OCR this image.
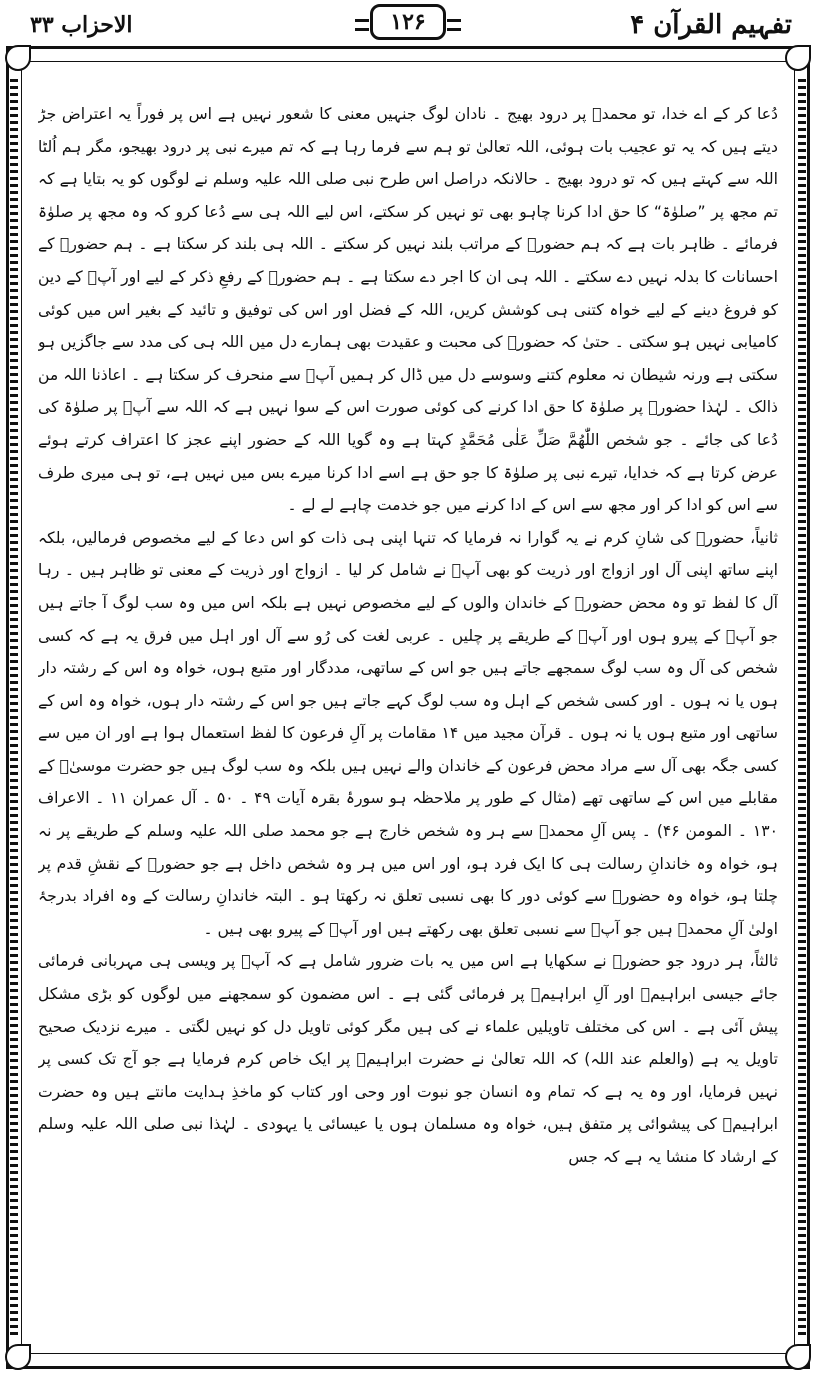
تفہیم القرآن ۴
۱۲۶
الاحزاب ۳۳

دُعا کر کے اے خدا، تو محمدؐ پر درود بھیج ۔ نادان لوگ جنہیں معنی کا شعور نہیں ہے اس پر فوراً یہ اعتراض جڑ دیتے ہیں کہ یہ تو عجیب بات ہوئی، اللہ تعالیٰ تو ہم سے فرما رہا ہے کہ تم میرے نبی پر درود بھیجو، مگر ہم اُلٹا اللہ سے کہتے ہیں کہ تو درود بھیج ۔ حالانکہ دراصل اس طرح نبی صلی اللہ علیہ وسلم نے لوگوں کو یہ بتایا ہے کہ تم مجھ پر ”صلوٰۃ“ کا حق ادا کرنا چاہو بھی تو نہیں کر سکتے، اس لیے اللہ ہی سے دُعا کرو کہ وہ مجھ پر صلوٰۃ فرمائے ۔ ظاہر بات ہے کہ ہم حضورؐ کے مراتب بلند نہیں کر سکتے ۔ اللہ ہی بلند کر سکتا ہے ۔ ہم حضورؐ کے احسانات کا بدلہ نہیں دے سکتے ۔ اللہ ہی ان کا اجر دے سکتا ہے ۔ ہم حضورؐ کے رفعِ ذکر کے لیے اور آپؐ کے دین کو فروغ دینے کے لیے خواہ کتنی ہی کوشش کریں، اللہ کے فضل اور اس کی توفیق و تائید کے بغیر اس میں کوئی کامیابی نہیں ہو سکتی ۔ حتیٰ کہ حضورؐ کی محبت و عقیدت بھی ہمارے دل میں اللہ ہی کی مدد سے جاگزیں ہو سکتی ہے ورنہ شیطان نہ معلوم کتنے وسوسے دل میں ڈال کر ہمیں آپؐ سے منحرف کر سکتا ہے ۔ اعاذنا اللہ من ذالک ۔ لہٰذا حضورؐ پر صلوٰۃ کا حق ادا کرنے کی کوئی صورت اس کے سوا نہیں ہے کہ اللہ سے آپؐ پر صلوٰۃ کی دُعا کی جائے ۔ جو شخص اللّٰھُمَّ صَلِّ عَلٰی مُحَمَّدٍ کہتا ہے وہ گویا اللہ کے حضور اپنے عجز کا اعتراف کرتے ہوئے عرض کرتا ہے کہ خدایا، تیرے نبی پر صلوٰۃ کا جو حق ہے اسے ادا کرنا میرے بس میں نہیں ہے، تو ہی میری طرف سے اس کو ادا کر اور مجھ سے اس کے ادا کرنے میں جو خدمت چاہے لے لے ۔

ثانیاً، حضورؐ کی شانِ کرم نے یہ گوارا نہ فرمایا کہ تنہا اپنی ہی ذات کو اس دعا کے لیے مخصوص فرمالیں، بلکہ اپنے ساتھ اپنی آل اور ازواج اور ذریت کو بھی آپؐ نے شامل کر لیا ۔ ازواج اور ذریت کے معنی تو ظاہر ہیں ۔ رہا آل کا لفظ تو وہ محض حضورؐ کے خاندان والوں کے لیے مخصوص نہیں ہے بلکہ اس میں وہ سب لوگ آ جاتے ہیں جو آپؐ کے پیرو ہوں اور آپؐ کے طریقے پر چلیں ۔ عربی لغت کی رُو سے آل اور اہل میں فرق یہ ہے کہ کسی شخص کی آل وہ سب لوگ سمجھے جاتے ہیں جو اس کے ساتھی، مددگار اور متبع ہوں، خواہ وہ اس کے رشتہ دار ہوں یا نہ ہوں ۔ اور کسی شخص کے اہل وہ سب لوگ کہے جاتے ہیں جو اس کے رشتہ دار ہوں، خواہ وہ اس کے ساتھی اور متبع ہوں یا نہ ہوں ۔ قرآن مجید میں ۱۴ مقامات پر آلِ فرعون کا لفظ استعمال ہوا ہے اور ان میں سے کسی جگہ بھی آل سے مراد محض فرعون کے خاندان والے نہیں ہیں بلکہ وہ سب لوگ ہیں جو حضرت موسیٰؑ کے مقابلے میں اس کے ساتھی تھے (مثال کے طور پر ملاحظہ ہو سورۂ بقرہ آیات ۴۹ ۔ ۵۰ ۔ آل عمران ۱۱ ۔ الاعراف ۱۳۰ ۔ المومن ۴۶) ۔ پس آلِ محمدؐ سے ہر وہ شخص خارج ہے جو محمد صلی اللہ علیہ وسلم کے طریقے پر نہ ہو، خواہ وہ خاندانِ رسالت ہی کا ایک فرد ہو، اور اس میں ہر وہ شخص داخل ہے جو حضورؐ کے نقشِ قدم پر چلتا ہو، خواہ وہ حضورؐ سے کوئی دور کا بھی نسبی تعلق نہ رکھتا ہو ۔ البتہ خاندانِ رسالت کے وہ افراد بدرجۂ اولیٰ آلِ محمدؐ ہیں جو آپؐ سے نسبی تعلق بھی رکھتے ہیں اور آپؐ کے پیرو بھی ہیں ۔

ثالثاً، ہر درود جو حضورؐ نے سکھایا ہے اس میں یہ بات ضرور شامل ہے کہ آپؐ پر ویسی ہی مہربانی فرمائی جائے جیسی ابراہیمؑ اور آلِ ابراہیمؑ پر فرمائی گئی ہے ۔ اس مضمون کو سمجھنے میں لوگوں کو بڑی مشکل پیش آئی ہے ۔ اس کی مختلف تاویلیں علماء نے کی ہیں مگر کوئی تاویل دل کو نہیں لگتی ۔ میرے نزدیک صحیح تاویل یہ ہے (والعلم عند اللہ) کہ اللہ تعالیٰ نے حضرت ابراہیمؑ پر ایک خاص کرم فرمایا ہے جو آج تک کسی پر نہیں فرمایا، اور وہ یہ ہے کہ تمام وہ انسان جو نبوت اور وحی اور کتاب کو ماخذِ ہدایت مانتے ہیں وہ حضرت ابراہیمؑ کی پیشوائی پر متفق ہیں، خواہ وہ مسلمان ہوں یا عیسائی یا یہودی ۔ لہٰذا نبی صلی اللہ علیہ وسلم کے ارشاد کا منشا یہ ہے کہ جس
